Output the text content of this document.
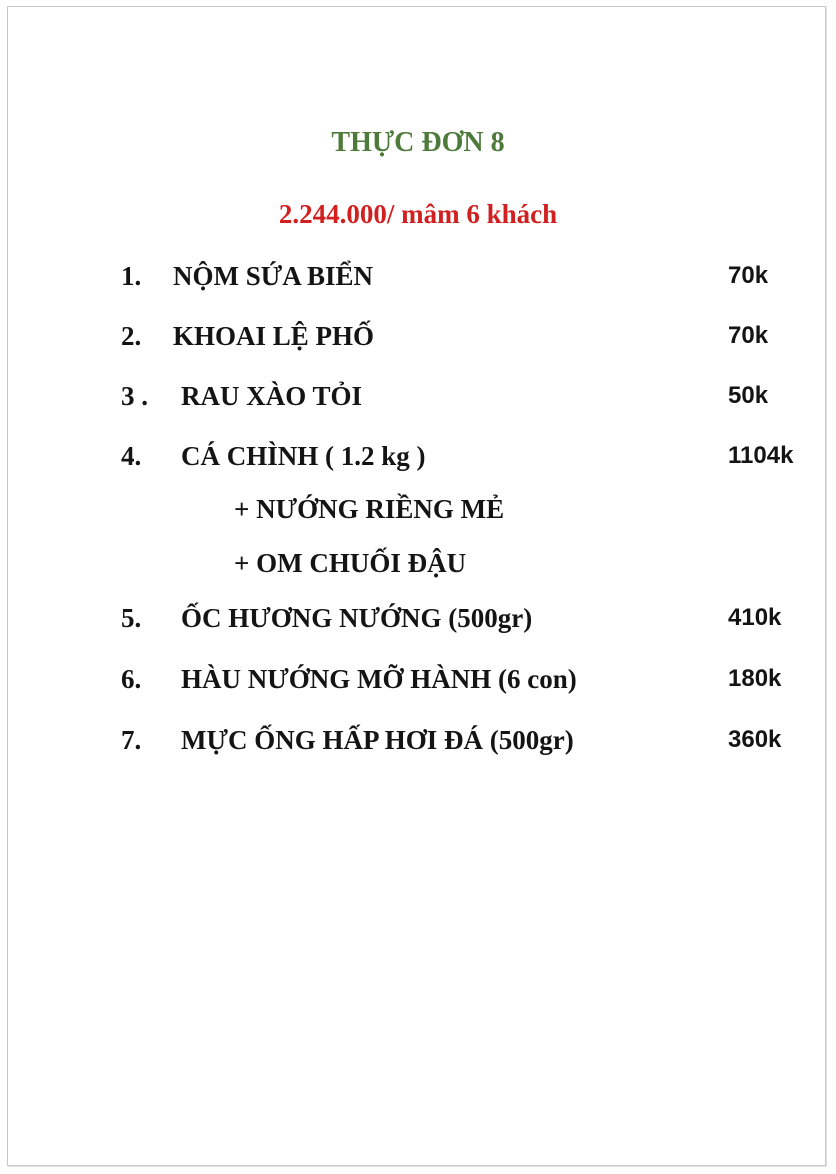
THỰC ĐƠN 8
2.244.000/ mâm 6 khách
1. NỘM SỨA BIỂN	70k
2. KHOAI LỆ PHỐ	70k
3 . RAU XÀO TỎI	50k
4. CÁ CHÌNH ( 1.2 kg )	1104k
+ NƯỚNG RIỀNG MẺ
+ OM CHUỐI ĐẬU
5. ỐC HƯƠNG NƯỚNG (500gr)	410k
6. HÀU NƯỚNG MỠ HÀNH (6 con)	180k
7. MỰC ỐNG HẤP HƠI ĐÁ (500gr)	360k
